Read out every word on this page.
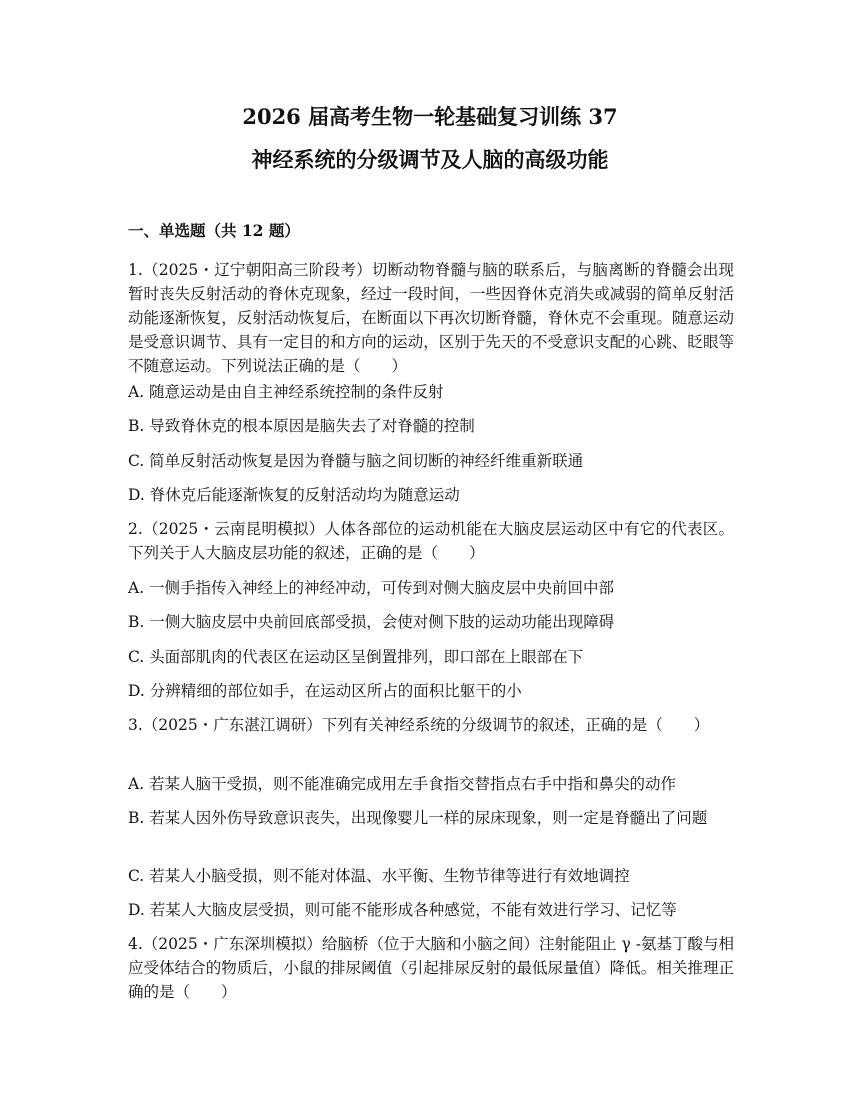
2026 届高考生物一轮基础复习训练 37
神经系统的分级调节及人脑的高级功能
一、单选题（共 12 题）
1.（2025・辽宁朝阳高三阶段考）切断动物脊髓与脑的联系后，与脑离断的脊髓会出现暂时丧失反射活动的脊休克现象，经过一段时间，一些因脊休克消失或减弱的简单反射活动能逐渐恢复，反射活动恢复后，在断面以下再次切断脊髓，脊休克不会重现。随意运动是受意识调节、具有一定目的和方向的运动，区别于先天的不受意识支配的心跳、眨眼等不随意运动。下列说法正确的是（　　）
A. 随意运动是由自主神经系统控制的条件反射
B. 导致脊休克的根本原因是脑失去了对脊髓的控制
C. 简单反射活动恢复是因为脊髓与脑之间切断的神经纤维重新联通
D. 脊休克后能逐渐恢复的反射活动均为随意运动
2.（2025・云南昆明模拟）人体各部位的运动机能在大脑皮层运动区中有它的代表区。下列关于人大脑皮层功能的叙述，正确的是（　　）
A. 一侧手指传入神经上的神经冲动，可传到对侧大脑皮层中央前回中部
B. 一侧大脑皮层中央前回底部受损，会使对侧下肢的运动功能出现障碍
C. 头面部肌肉的代表区在运动区呈倒置排列，即口部在上眼部在下
D. 分辨精细的部位如手，在运动区所占的面积比躯干的小
3.（2025・广东湛江调研）下列有关神经系统的分级调节的叙述，正确的是（　　）
A. 若某人脑干受损，则不能准确完成用左手食指交替指点右手中指和鼻尖的动作
B. 若某人因外伤导致意识丧失，出现像婴儿一样的尿床现象，则一定是脊髓出了问题
C. 若某人小脑受损，则不能对体温、水平衡、生物节律等进行有效地调控
D. 若某人大脑皮层受损，则可能不能形成各种感觉，不能有效进行学习、记忆等
4.（2025・广东深圳模拟）给脑桥（位于大脑和小脑之间）注射能阻止 γ -氨基丁酸与相应受体结合的物质后，小鼠的排尿阈值（引起排尿反射的最低尿量值）降低。相关推理正确的是（　　）
